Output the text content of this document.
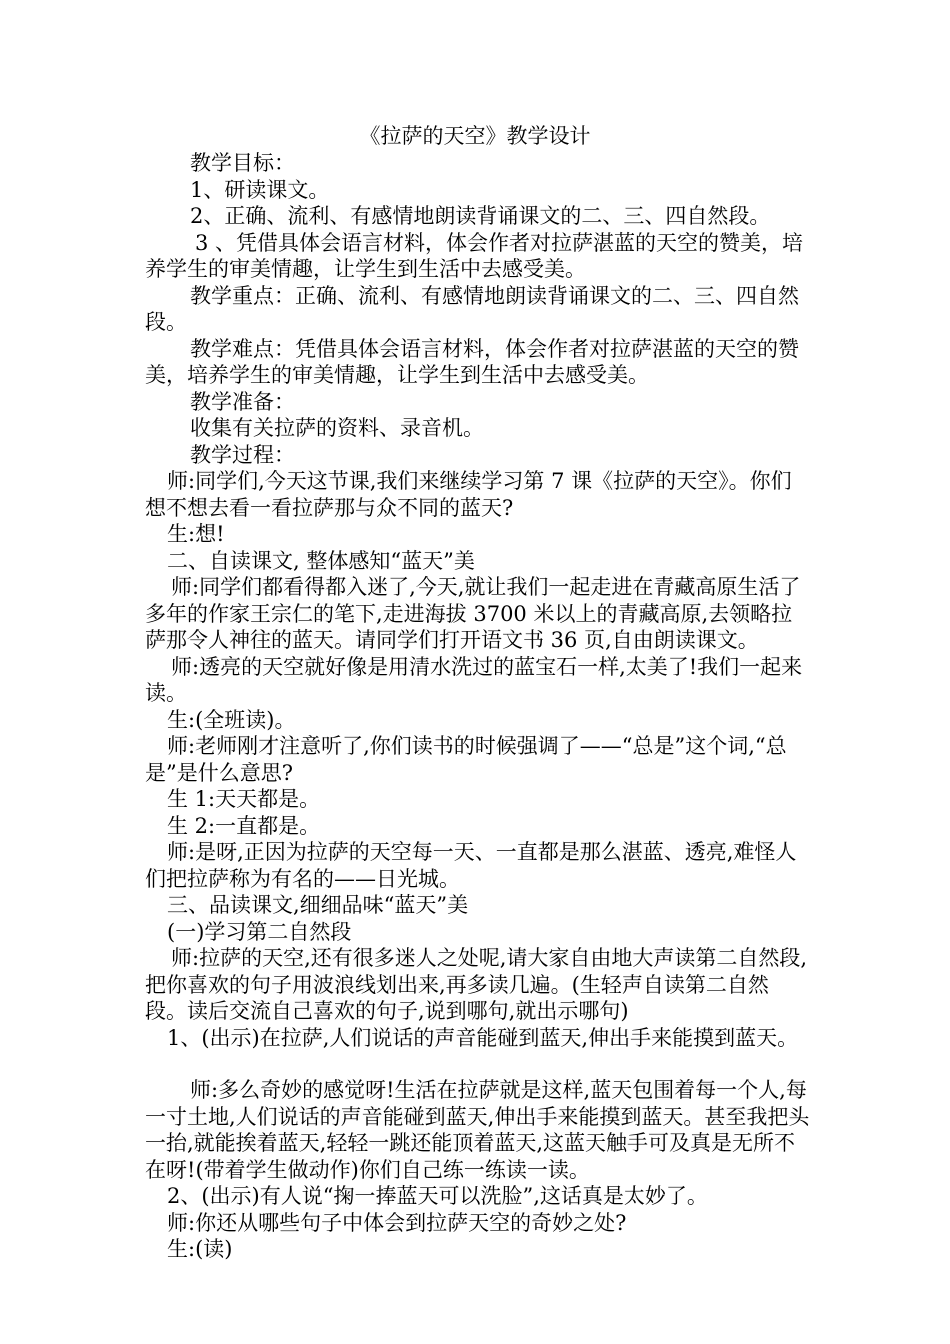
《拉萨的天空》教学设计

教学目标：

1、研读课文。

2、正确、流利、有感情地朗读背诵课文的二、三、四自然段。

3 、凭借具体会语言材料，体会作者对拉萨湛蓝的天空的赞美，培养学生的审美情趣，让学生到生活中去感受美。

教学重点：正确、流利、有感情地朗读背诵课文的二、三、四自然段。

教学难点：凭借具体会语言材料，体会作者对拉萨湛蓝的天空的赞美，培养学生的审美情趣，让学生到生活中去感受美。

教学准备：

收集有关拉萨的资料、录音机。

教学过程：

师:同学们,今天这节课,我们来继续学习第 7 课《拉萨的天空》。你们想不想去看一看拉萨那与众不同的蓝天?

生:想!

二、自读课文, 整体感知“蓝天”美

师:同学们都看得都入迷了,今天,就让我们一起走进在青藏高原生活了多年的作家王宗仁的笔下,走进海拔 3700 米以上的青藏高原,去领略拉萨那令人神往的蓝天。请同学们打开语文书 36 页,自由朗读课文。

师:透亮的天空就好像是用清水洗过的蓝宝石一样,太美了!我们一起来读。

生:(全班读)。

师:老师刚才注意听了,你们读书的时候强调了——“总是”这个词,“总是”是什么意思?

生 1:天天都是。

生 2:一直都是。

师:是呀,正因为拉萨的天空每一天、一直都是那么湛蓝、透亮,难怪人们把拉萨称为有名的——日光城。

三、品读课文,细细品味“蓝天”美

(一)学习第二自然段

师:拉萨的天空,还有很多迷人之处呢,请大家自由地大声读第二自然段,把你喜欢的句子用波浪线划出来,再多读几遍。(生轻声自读第二自然段。读后交流自己喜欢的句子,说到哪句,就出示哪句)

1、(出示)在拉萨,人们说话的声音能碰到蓝天,伸出手来能摸到蓝天。

师:多么奇妙的感觉呀!生活在拉萨就是这样,蓝天包围着每一个人,每一寸土地,人们说话的声音能碰到蓝天,伸出手来能摸到蓝天。甚至我把头一抬,就能挨着蓝天,轻轻一跳还能顶着蓝天,这蓝天触手可及真是无所不在呀!(带着学生做动作)你们自己练一练读一读。

2、(出示)有人说“掬一捧蓝天可以洗脸”,这话真是太妙了。

师:你还从哪些句子中体会到拉萨天空的奇妙之处?

生:(读)
